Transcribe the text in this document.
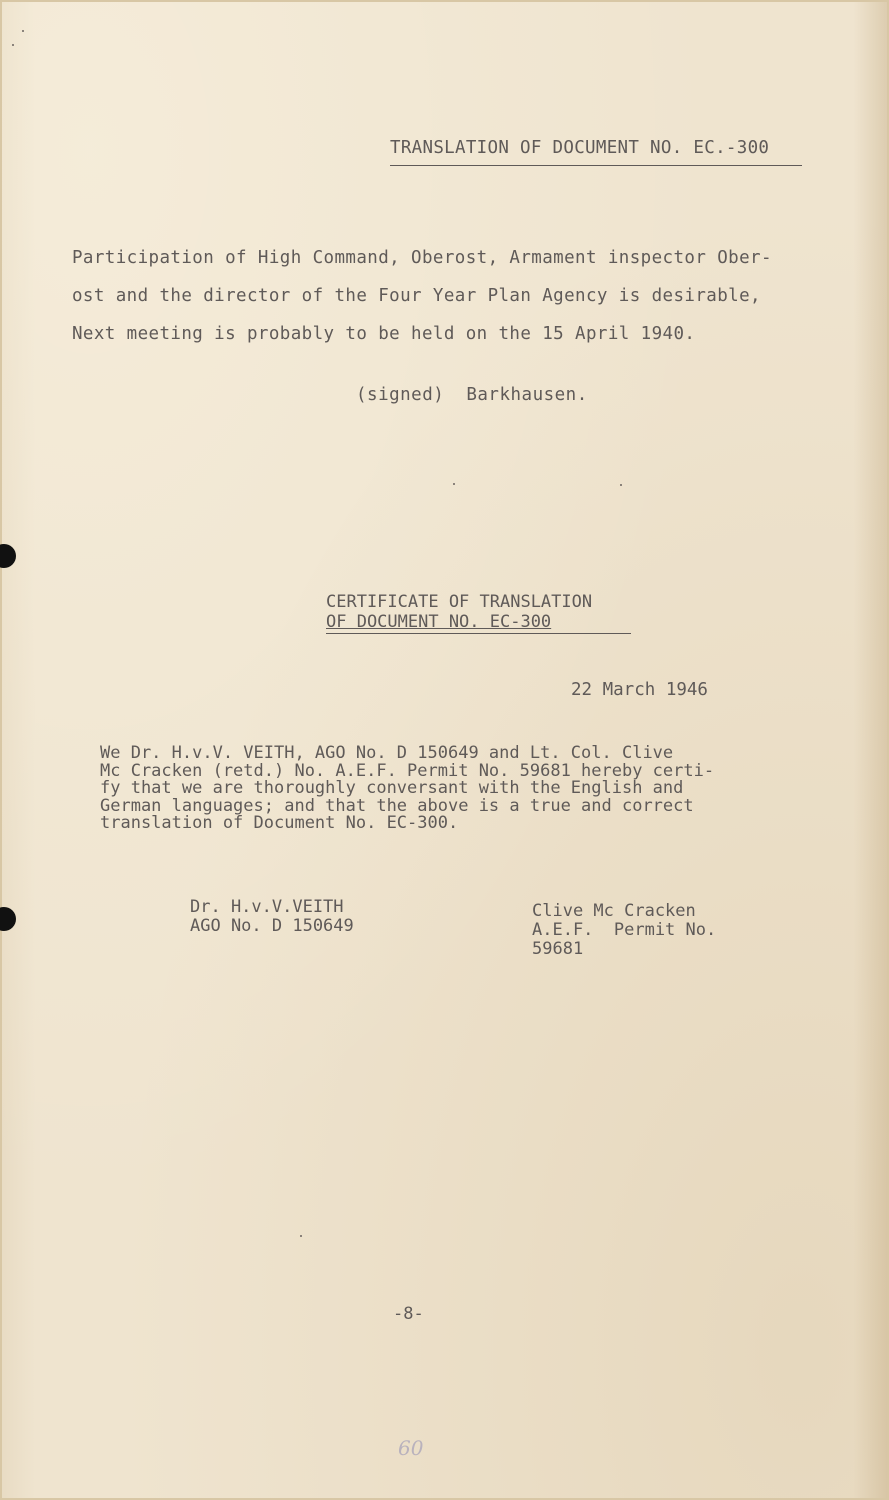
TRANSLATION OF DOCUMENT NO. EC.-300
Participation of High Command, Oberost, Armament inspector Ober-
ost and the director of the Four Year Plan Agency is desirable,
Next meeting is probably to be held on the 15 April 1940.
(signed)  Barkhausen.
CERTIFICATE OF TRANSLATION
OF DOCUMENT NO. EC-300
22 March 1946
We Dr. H.v.V. VEITH, AGO No. D 150649 and Lt. Col. Clive
Mc Cracken (retd.) No. A.E.F. Permit No. 59681 hereby certi-
fy that we are thoroughly conversant with the English and
German languages; and that the above is a true and correct
translation of Document No. EC-300.
Dr. H.v.V.VEITH
AGO No. D 150649
Clive Mc Cracken
A.E.F.  Permit No.
59681
-8-
60
